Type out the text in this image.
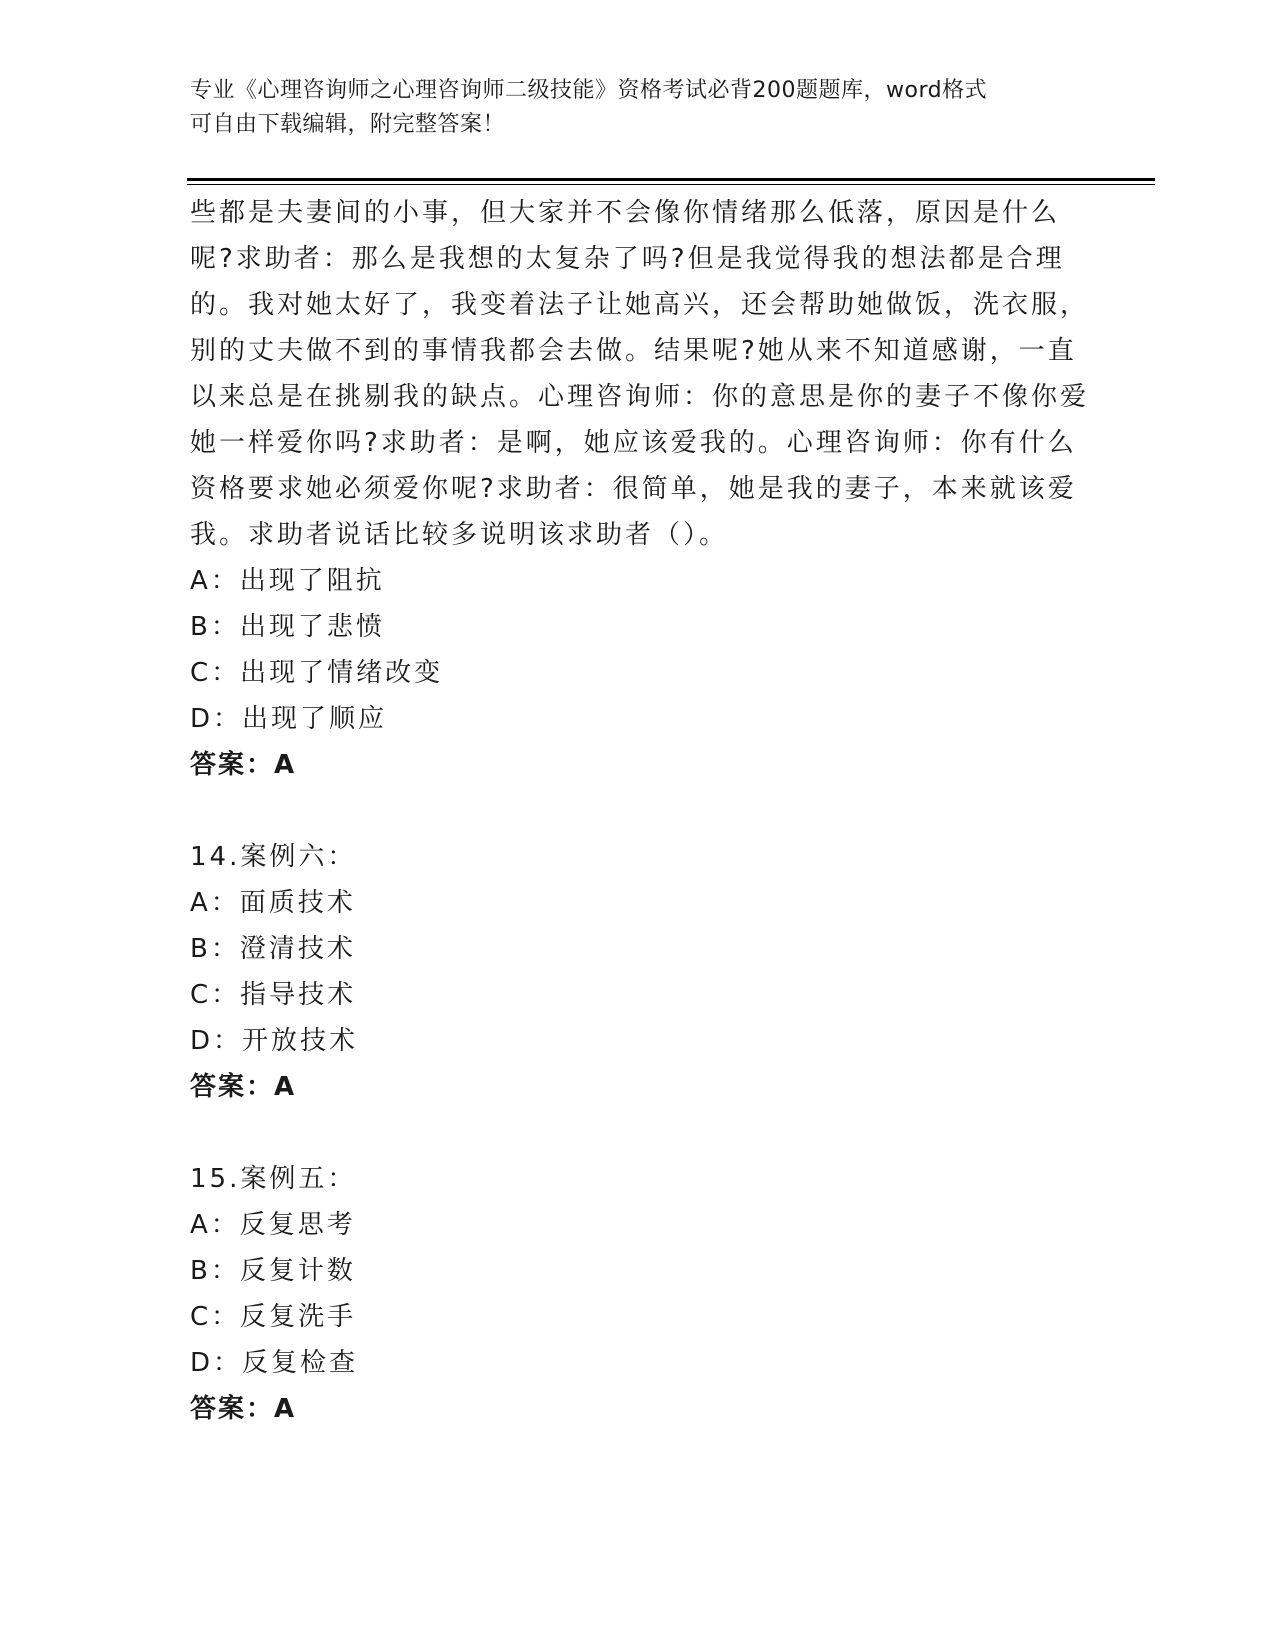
专业《心理咨询师之心理咨询师二级技能》资格考试必背200题题库，word格式
可自由下载编辑，附完整答案！

些都是夫妻间的小事，但大家并不会像你情绪那么低落，原因是什么呢?求助者：那么是我想的太复杂了吗?但是我觉得我的想法都是合理的。我对她太好了，我变着法子让她高兴，还会帮助她做饭，洗衣服，别的丈夫做不到的事情我都会去做。结果呢?她从来不知道感谢，一直以来总是在挑剔我的缺点。心理咨询师：你的意思是你的妻子不像你爱她一样爱你吗?求助者：是啊，她应该爱我的。心理咨询师：你有什么资格要求她必须爱你呢?求助者：很简单，她是我的妻子，本来就该爱我。求助者说话比较多说明该求助者（）。

A：出现了阻抗
B：出现了悲愤
C：出现了情绪改变
D：出现了顺应
答案：A
14.案例六：
A：面质技术
B：澄清技术
C：指导技术
D：开放技术
答案：A
15.案例五：
A：反复思考
B：反复计数
C：反复洗手
D：反复检查
答案：A
